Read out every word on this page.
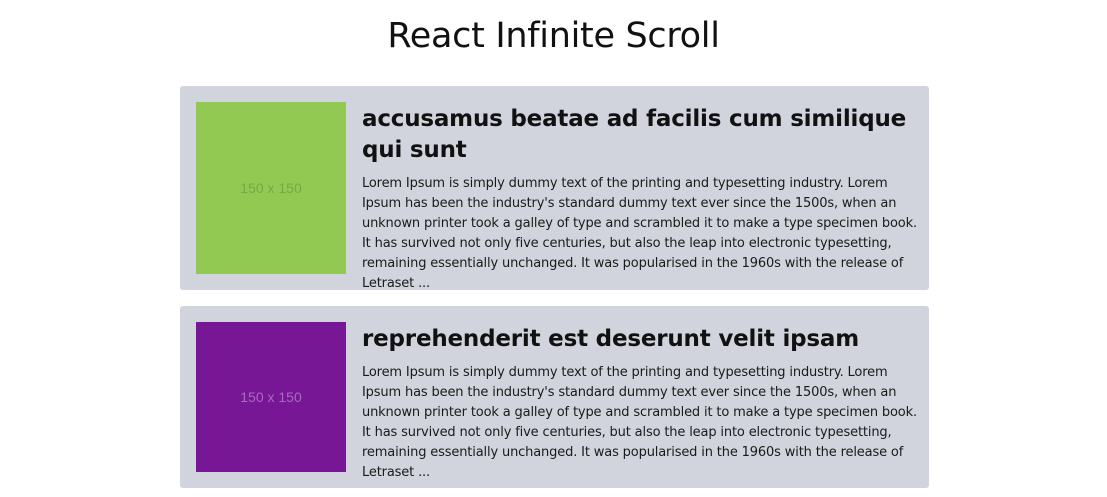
React Infinite Scroll
150 x 150
accusamus beatae ad facilis cum similique qui sunt

Lorem Ipsum is simply dummy text of the printing and typesetting industry. Lorem Ipsum has been the industry's standard dummy text ever since the 1500s, when an unknown printer took a galley of type and scrambled it to make a type specimen book. It has survived not only five centuries, but also the leap into electronic typesetting, remaining essentially unchanged. It was popularised in the 1960s with the release of Letraset ...

150 x 150
reprehenderit est deserunt velit ipsam

Lorem Ipsum is simply dummy text of the printing and typesetting industry. Lorem Ipsum has been the industry's standard dummy text ever since the 1500s, when an unknown printer took a galley of type and scrambled it to make a type specimen book. It has survived not only five centuries, but also the leap into electronic typesetting, remaining essentially unchanged. It was popularised in the 1960s with the release of Letraset ...
